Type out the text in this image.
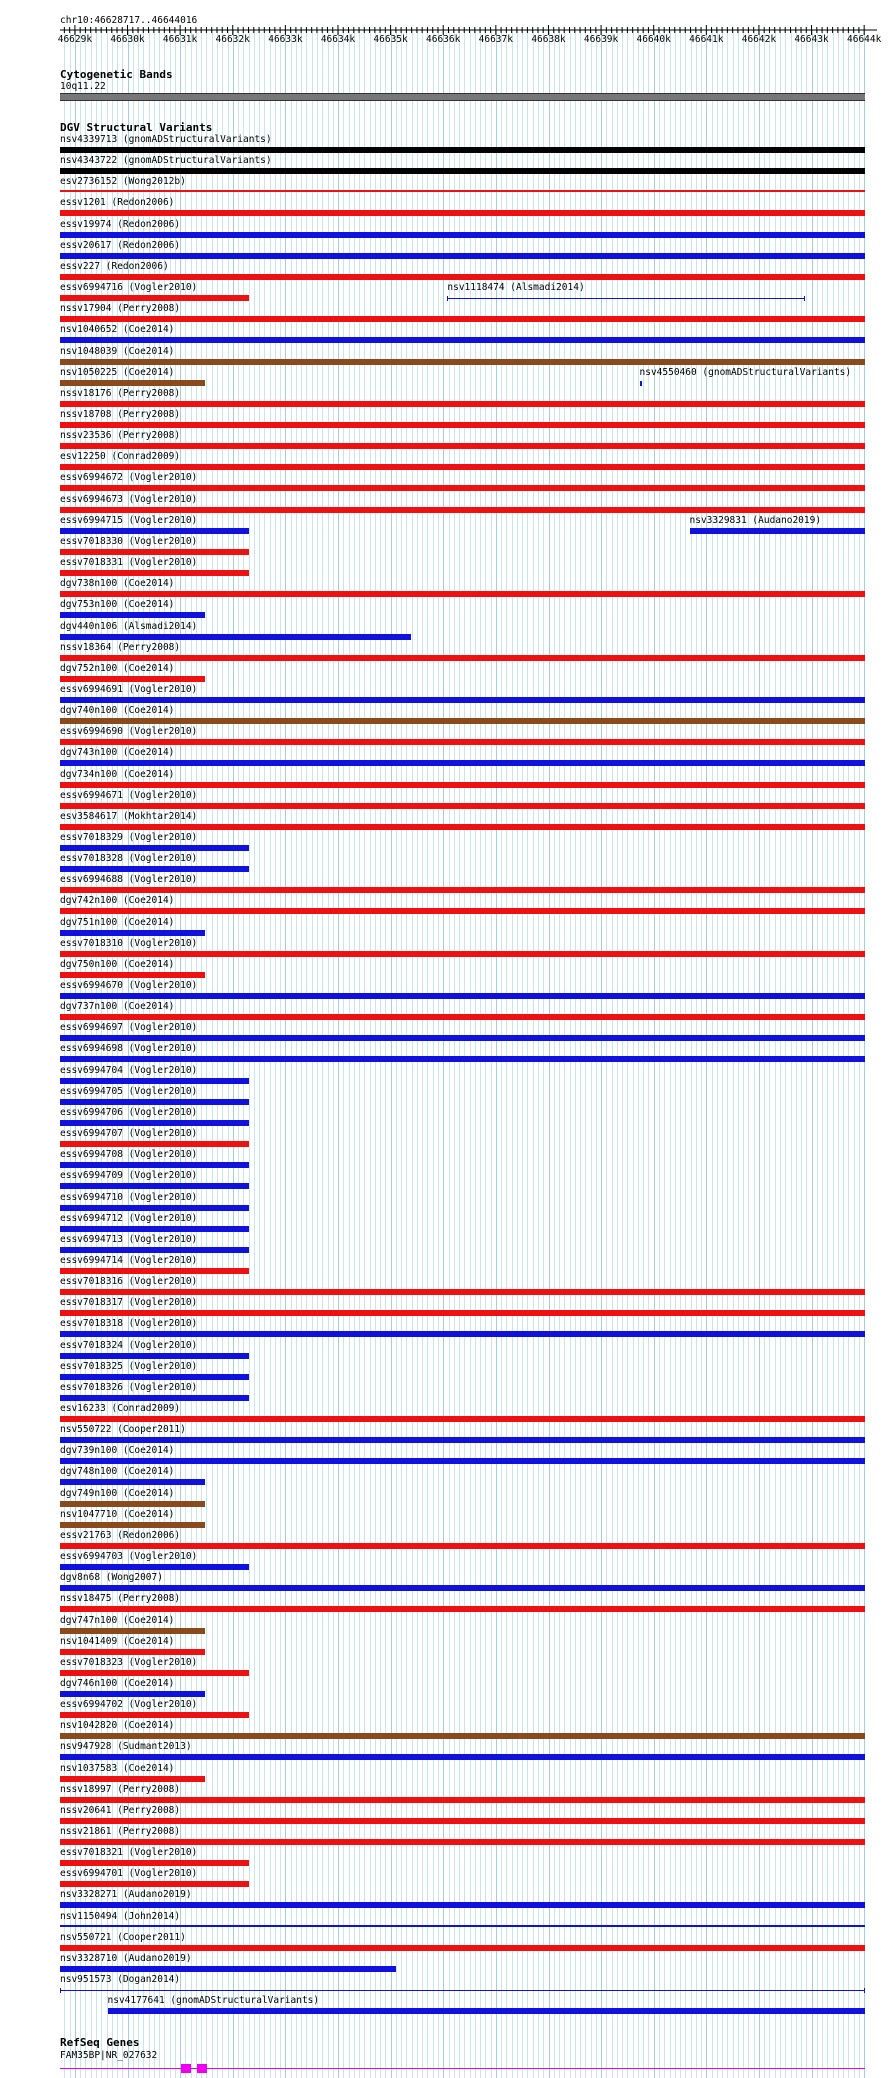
chr10:46628717..46644016
46629k 46630k 46631k 46632k 46633k 46634k 46635k 46636k 46637k 46638k 46639k 46640k 46641k 46642k 46643k 46644k
Cytogenetic Bands
10q11.22
DGV Structural Variants
nsv4339713 (gnomADStructuralVariants)
nsv4343722 (gnomADStructuralVariants)
esv2736152 (Wong2012b)
essv1201 (Redon2006)
essv19974 (Redon2006)
essv20617 (Redon2006)
essv227 (Redon2006)
essv6994716 (Vogler2010)	nsv1118474 (Alsmadi2014)
nssv17904 (Perry2008)
nsv1040652 (Coe2014)
nsv1048039 (Coe2014)
nsv1050225 (Coe2014)	nsv4550460 (gnomADStructuralVariants)
nssv18176 (Perry2008)
nssv18708 (Perry2008)
nssv23536 (Perry2008)
esv12250 (Conrad2009)
essv6994672 (Vogler2010)
essv6994673 (Vogler2010)
essv6994715 (Vogler2010)	nsv3329831 (Audano2019)
essv7018330 (Vogler2010)
essv7018331 (Vogler2010)
dgv738n100 (Coe2014)
dgv753n100 (Coe2014)
dgv440n106 (Alsmadi2014)
nssv18364 (Perry2008)
dgv752n100 (Coe2014)
essv6994691 (Vogler2010)
dgv740n100 (Coe2014)
essv6994690 (Vogler2010)
dgv743n100 (Coe2014)
dgv734n100 (Coe2014)
essv6994671 (Vogler2010)
esv3584617 (Mokhtar2014)
essv7018329 (Vogler2010)
essv7018328 (Vogler2010)
essv6994688 (Vogler2010)
dgv742n100 (Coe2014)
dgv751n100 (Coe2014)
essv7018310 (Vogler2010)
dgv750n100 (Coe2014)
essv6994670 (Vogler2010)
dgv737n100 (Coe2014)
essv6994697 (Vogler2010)
essv6994698 (Vogler2010)
essv6994704 (Vogler2010)
essv6994705 (Vogler2010)
essv6994706 (Vogler2010)
essv6994707 (Vogler2010)
essv6994708 (Vogler2010)
essv6994709 (Vogler2010)
essv6994710 (Vogler2010)
essv6994712 (Vogler2010)
essv6994713 (Vogler2010)
essv6994714 (Vogler2010)
essv7018316 (Vogler2010)
essv7018317 (Vogler2010)
essv7018318 (Vogler2010)
essv7018324 (Vogler2010)
essv7018325 (Vogler2010)
essv7018326 (Vogler2010)
esv16233 (Conrad2009)
nsv550722 (Cooper2011)
dgv739n100 (Coe2014)
dgv748n100 (Coe2014)
dgv749n100 (Coe2014)
nsv1047710 (Coe2014)
essv21763 (Redon2006)
essv6994703 (Vogler2010)
dgv8n68 (Wong2007)
nssv18475 (Perry2008)
dgv747n100 (Coe2014)
nsv1041409 (Coe2014)
essv7018323 (Vogler2010)
dgv746n100 (Coe2014)
essv6994702 (Vogler2010)
nsv1042820 (Coe2014)
nsv947928 (Sudmant2013)
nsv1037583 (Coe2014)
nssv18997 (Perry2008)
nssv20641 (Perry2008)
nssv21861 (Perry2008)
essv7018321 (Vogler2010)
essv6994701 (Vogler2010)
nsv3328271 (Audano2019)
nsv1150494 (John2014)
nsv550721 (Cooper2011)
nsv3328710 (Audano2019)
nsv951573 (Dogan2014)
nsv4177641 (gnomADStructuralVariants)
RefSeq Genes
FAM35BP|NR_027632
